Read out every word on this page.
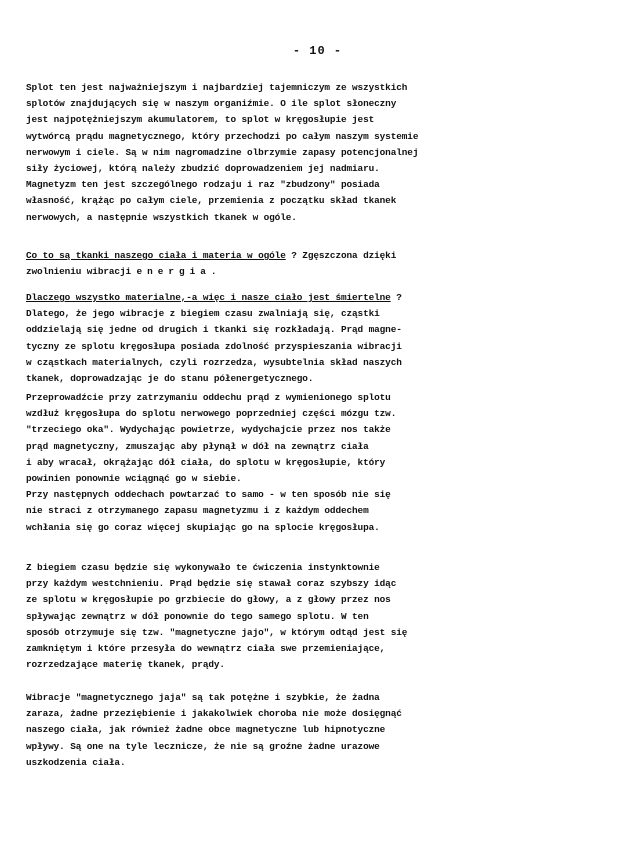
- 10 -
Splot ten jest najważniejszym i najbardziej tajemniczym ze wszystkich
splotów znajdujących się w naszym organiźmie. O ile splot słoneczny
jest najpotężniejszym akumulatorem, to splot w kręgosłupie jest
wytwórcą prądu magnetycznego, który przechodzi po całym naszym systemie
nerwowym i ciele. Są w nim nagromadzine olbrzymie zapasy potencjonalnej
siły życiowej, którą należy zbudzić doprowadzeniem jej nadmiaru.
Magnetyzm ten jest szczególnego rodzaju i raz "zbudzony" posiada
własność, krążąc po całym ciele, przemienia z początku skład tkanek
nerwowych, a następnie wszystkich tkanek w ogóle.
Co to są tkanki naszego ciała i materia w ogóle ? Zgęszczona dzięki
zwolnieniu wibracji energia.
Dlaczego wszystko materialne,-a więc i nasze ciało jest śmiertelne ?
Dlatego, że jego wibracje z biegiem czasu zwalniają się, cząstki
oddzielają się jedne od drugich i tkanki się rozkładają. Prąd magne-
tyczny ze splotu kręgosłupa posiada zdolność przyspieszania wibracji
w cząstkach materialnych, czyli rozrzedza, wysubtelnia skład naszych
tkanek, doprowadzając je do stanu półenergetycznego.
Przeprowadźcie przy zatrzymaniu oddechu prąd z wymienionego splotu
wzdłuż kręgosłupa do splotu nerwowego poprzedniej części mózgu tzw.
"trzeciego oka". Wydychając powietrze, wydychajcie przez nos także
prąd magnetyczny, zmuszając aby płynął w dół na zewnątrz ciała
i aby wracał, okrążając dół ciała, do splotu w kręgosłupie, który
powinien ponownie wciągnąć go w siebie.
Przy następnych oddechach powtarzać to samo - w ten sposób nie się
nie straci z otrzymanego zapasu magnetyzmu i z każdym oddechem
wchłania się go coraz więcej skupiając go na splocie kręgosłupa.
Z biegiem czasu będzie się wykonywało te ćwiczenia instynktownie
przy każdym westchnieniu. Prąd będzie się stawał coraz szybszy idąc
ze splotu w kręgosłupie po grzbiecie do głowy, a z głowy przez nos
spływając zewnątrz w dół ponownie do tego samego splotu. W ten
sposób otrzymuje się tzw. "magnetyczne jajo", w którym odtąd jest się
zamkniętym i które przesyła do wewnątrz ciała swe przemieniające,
rozrzedzające materię tkanek, prądy.
Wibracje "magnetycznego jaja" są tak potężne i szybkie, że żadna
zaraza, żadne przeziębienie i jakakolwiek choroba nie może dosięgnąć
naszego ciała, jak również żadne obce magnetyczne lub hipnotyczne
wpływy. Są one na tyle lecznicze, że nie są groźne żadne urazowe
uszkodzenia ciała.
